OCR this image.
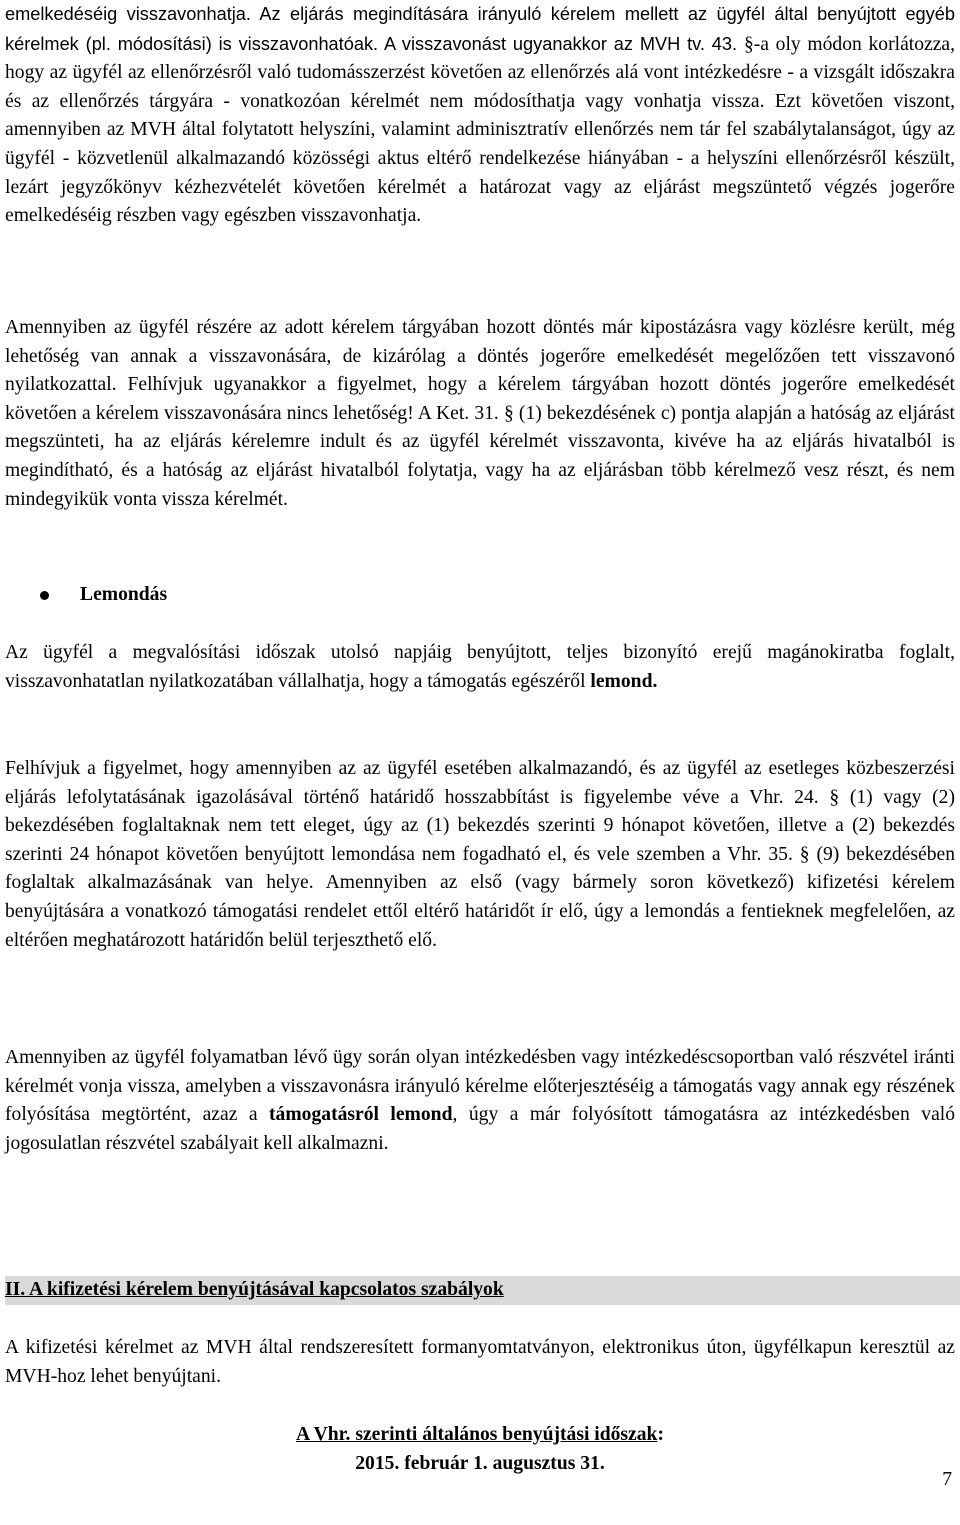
emelkedéséig visszavonhatja. Az eljárás megindítására irányuló kérelem mellett az ügyfél által benyújtott egyéb kérelmek (pl. módosítási) is visszavonhatóak. A visszavonást ugyanakkor az MVH tv. 43. §-a oly módon korlátozza, hogy az ügyfél az ellenőrzésről való tudomásszerzést követően az ellenőrzés alá vont intézkedésre - a vizsgált időszakra és az ellenőrzés tárgyára - vonatkozóan kérelmét nem módosíthatja vagy vonhatja vissza. Ezt követően viszont, amennyiben az MVH által folytatott helyszíni, valamint adminisztratív ellenőrzés nem tár fel szabálytalanságot, úgy az ügyfél - közvetlenül alkalmazandó közösségi aktus eltérő rendelkezése hiányában - a helyszíni ellenőrzésről készült, lezárt jegyzőkönyv kézhezvételét követően kérelmét a határozat vagy az eljárást megszüntető végzés jogerőre emelkedéséig részben vagy egészben visszavonhatja.

Amennyiben az ügyfél részére az adott kérelem tárgyában hozott döntés már kipostázásra vagy közlésre került, még lehetőség van annak a visszavonására, de kizárólag a döntés jogerőre emelkedését megelőzően tett visszavonó nyilatkozattal. Felhívjuk ugyanakkor a figyelmet, hogy a kérelem tárgyában hozott döntés jogerőre emelkedését követően a kérelem visszavonására nincs lehetőség! A Ket. 31. § (1) bekezdésének c) pontja alapján a hatóság az eljárást megszünteti, ha az eljárás kérelemre indult és az ügyfél kérelmét visszavonta, kivéve ha az eljárás hivatalból is megindítható, és a hatóság az eljárást hivatalból folytatja, vagy ha az eljárásban több kérelmező vesz részt, és nem mindegyikük vonta vissza kérelmét.

Lemondás

Az ügyfél a megvalósítási időszak utolsó napjáig benyújtott, teljes bizonyító erejű magánokiratba foglalt, visszavonhatatlan nyilatkozatában vállalhatja, hogy a támogatás egészéről lemond.

Felhívjuk a figyelmet, hogy amennyiben az az ügyfél esetében alkalmazandó, és az ügyfél az esetleges közbeszerzési eljárás lefolytatásának igazolásával történő határidő hosszabbítást is figyelembe véve a Vhr. 24. § (1) vagy (2) bekezdésében foglaltaknak nem tett eleget, úgy az (1) bekezdés szerinti 9 hónapot követően, illetve a (2) bekezdés szerinti 24 hónapot követően benyújtott lemondása nem fogadható el, és vele szemben a Vhr. 35. § (9) bekezdésében foglaltak alkalmazásának van helye. Amennyiben az első (vagy bármely soron következő) kifizetési kérelem benyújtására a vonatkozó támogatási rendelet ettől eltérő határidőt ír elő, úgy a lemondás a fentieknek megfelelően, az eltérően meghatározott határidőn belül terjeszthető elő.

Amennyiben az ügyfél folyamatban lévő ügy során olyan intézkedésben vagy intézkedéscsoportban való részvétel iránti kérelmét vonja vissza, amelyben a visszavonásra irányuló kérelme előterjesztéséig a támogatás vagy annak egy részének folyósítása megtörtént, azaz a támogatásról lemond, úgy a már folyósított támogatásra az intézkedésben való jogosulatlan részvétel szabályait kell alkalmazni.

II. A kifizetési kérelem benyújtásával kapcsolatos szabályok

A kifizetési kérelmet az MVH által rendszeresített formanyomtatványon, elektronikus úton, ügyfélkapun keresztül az MVH-hoz lehet benyújtani.

A Vhr. szerinti általános benyújtási időszak:
2015. február 1. augusztus 31.
7
